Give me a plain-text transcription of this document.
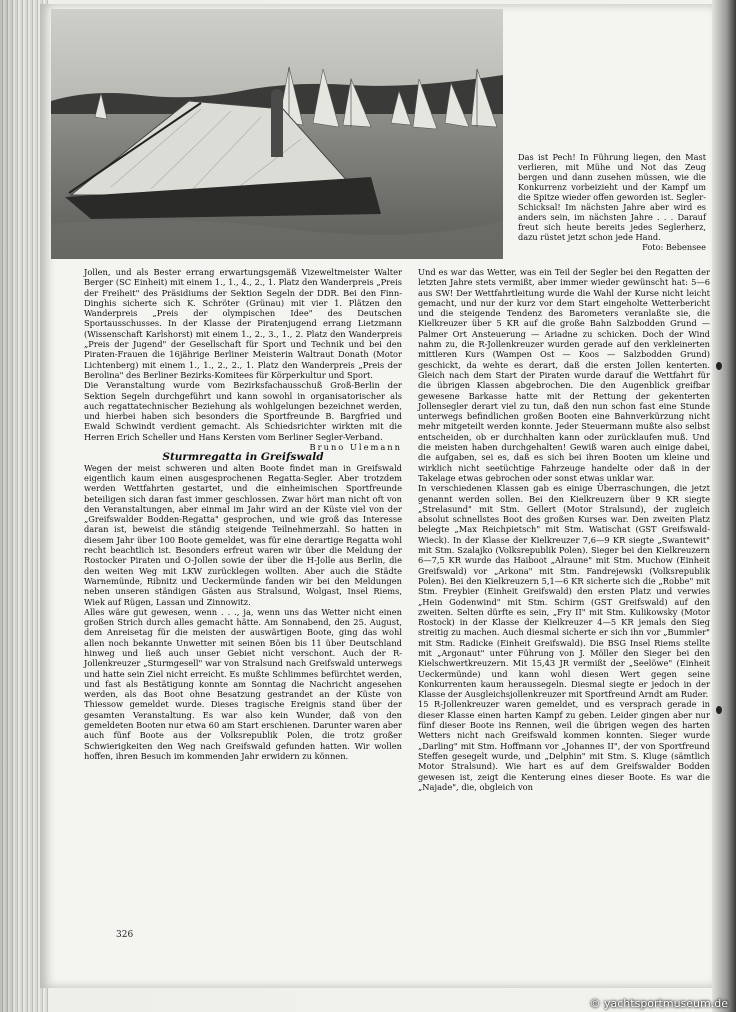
Das ist Pech! In Führung liegen, den Mast verlieren, mit Mühe und Not das Zeug bergen und dann zusehen müssen, wie die Konkurrenz vorbeizieht und der Kampf um die Spitze wieder offen geworden ist. Segler-Schicksal! Im nächsten Jahre aber wird es anders sein, im nächsten Jahre . . . Darauf freut sich heute bereits jedes Seglerherz, dazu rüstet jetzt schon jede Hand.
Foto: Bebensee

Jollen, und als Bester errang erwartungsgemäß Vizeweltmeister Walter Berger (SC Einheit) mit einem 1., 1., 4., 2., 1. Platz den Wanderpreis „Preis der Freiheit" des Präsidiums der Sektion Segeln der DDR. Bei den Finn-Dinghis sicherte sich K. Schröter (Grünau) mit vier 1. Plätzen den Wanderpreis „Preis der olympischen Idee" des Deutschen Sportausschusses. In der Klasse der Piratenjugend errang Lietzmann (Wissenschaft Karlshorst) mit einem 1., 2., 3., 1., 2. Platz den Wanderpreis „Preis der Jugend" der Gesellschaft für Sport und Technik und bei den Piraten-Frauen die 16jährige Berliner Meisterin Waltraut Donath (Motor Lichtenberg) mit einem 1., 1., 2., 2., 1. Platz den Wanderpreis „Preis der Berolina" des Berliner Bezirks-Komitees für Körperkultur und Sport.

Die Veranstaltung wurde vom Bezirksfachausschuß Groß-Berlin der Sektion Segeln durchgeführt und kann sowohl in organisatorischer als auch regattatechnischer Beziehung als wohlgelungen bezeichnet werden, und hierbei haben sich besonders die Sportfreunde B. Bargfried und Ewald Schwindt verdient gemacht. Als Schiedsrichter wirkten mit die Herren Erich Scheller und Hans Kersten vom Berliner Segler-Verband.

Bruno Ulemann

Sturmregatta in Greifswald

Wegen der meist schweren und alten Boote findet man in Greifswald eigentlich kaum einen ausgesprochenen Regatta-Segler. Aber trotzdem werden Wettfahrten gestartet, und die einheimischen Sportfreunde beteiligen sich daran fast immer geschlossen. Zwar hört man nicht oft von den Veranstaltungen, aber einmal im Jahr wird an der Küste viel von der „Greifswalder Bodden-Regatta" gesprochen, und wie groß das Interesse daran ist, beweist die ständig steigende Teilnehmerzahl. So hatten in diesem Jahr über 100 Boote gemeldet, was für eine derartige Regatta wohl recht beachtlich ist. Besonders erfreut waren wir über die Meldung der Rostocker Piraten und O-Jollen sowie der über die H-Jolle aus Berlin, die den weiten Weg mit LKW zurücklegen wollten. Aber auch die Städte Warnemünde, Ribnitz und Ueckermünde fanden wir bei den Meldungen neben unseren ständigen Gästen aus Stralsund, Wolgast, Insel Riems, Wiek auf Rügen, Lassan und Zinnowitz.

Alles wäre gut gewesen, wenn . . ., ja, wenn uns das Wetter nicht einen großen Strich durch alles gemacht hätte. Am Sonnabend, den 25. August, dem Anreisetag für die meisten der auswärtigen Boote, ging das wohl allen noch bekannte Unwetter mit seinen Böen bis 11 über Deutschland hinweg und ließ auch unser Gebiet nicht verschont. Auch der R-Jollenkreuzer „Sturmgesell" war von Stralsund nach Greifswald unterwegs und hatte sein Ziel nicht erreicht. Es mußte Schlimmes befürchtet werden, und fast als Bestätigung konnte am Sonntag die Nachricht angesehen werden, als das Boot ohne Besatzung gestrandet an der Küste von Thiessow gemeldet wurde. Dieses tragische Ereignis stand über der gesamten Veranstaltung. Es war also kein Wunder, daß von den gemeldeten Booten nur etwa 60 am Start erschienen. Darunter waren aber auch fünf Boote aus der Volksrepublik Polen, die trotz großer Schwierigkeiten den Weg nach Greifswald gefunden hatten. Wir wollen hoffen, ihren Besuch im kommenden Jahr erwidern zu können.

Und es war das Wetter, was ein Teil der Segler bei den Regatten der letzten Jahre stets vermißt, aber immer wieder gewünscht hat: 5—6 aus SW! Der Wettfahrtleitung wurde die Wahl der Kurse nicht leicht gemacht, und nur der kurz vor dem Start eingeholte Wetterbericht und die steigende Tendenz des Barometers veranlaßte sie, die Kielkreuzer über 5 KR auf die große Bahn Salzbodden Grund — Palmer Ort Ansteuerung — Ariadne zu schicken. Doch der Wind nahm zu, die R-Jollenkreuzer wurden gerade auf den verkleinerten mittleren Kurs (Wampen Ost — Koos — Salzbodden Grund) geschickt, da wehte es derart, daß die ersten Jollen kenterten. Gleich nach dem Start der Piraten wurde darauf die Wettfahrt für die übrigen Klassen abgebrochen. Die den Augenblick greifbar gewesene Barkasse hatte mit der Rettung der gekenterten Jollensegler derart viel zu tun, daß den nun schon fast eine Stunde unterwegs befindlichen großen Booten eine Bahnverkürzung nicht mehr mitgeteilt werden konnte. Jeder Steuermann mußte also selbst entscheiden, ob er durchhalten kann oder zurücklaufen muß. Und die meisten haben durchgehalten! Gewiß waren auch einige dabei, die aufgaben, sei es, daß es sich bei ihren Booten um kleine und wirklich nicht seetüchtige Fahrzeuge handelte oder daß in der Takelage etwas gebrochen oder sonst etwas unklar war.

In verschiedenen Klassen gab es einige Überraschungen, die jetzt genannt werden sollen. Bei den Kielkreuzern über 9 KR siegte „Strelasund" mit Stm. Gellert (Motor Stralsund), der zugleich absolut schnellstes Boot des großen Kurses war. Den zweiten Platz belegte „Max Reichpietsch" mit Stm. Watischat (GST Greifswald-Wieck). In der Klasse der Kielkreuzer 7,6—9 KR siegte „Swantewit" mit Stm. Szalajko (Volksrepublik Polen). Sieger bei den Kielkreuzern 6—7,5 KR wurde das Haiboot „Alraune" mit Stm. Muchow (Einheit Greifswald) vor „Arkona" mit Stm. Fandrejewski (Volksrepublik Polen). Bei den Kielkreuzern 5,1—6 KR sicherte sich die „Robbe" mit Stm. Freybier (Einheit Greifswald) den ersten Platz und verwies „Hein Godenwind" mit Stm. Schirm (GST Greifswald) auf den zweiten. Selten dürfte es sein, „Fry II" mit Stm. Kulikowsky (Motor Rostock) in der Klasse der Kielkreuzer 4—5 KR jemals den Sieg streitig zu machen. Auch diesmal sicherte er sich ihn vor „Bummler" mit Stm. Radicke (Einheit Greifswald). Die BSG Insel Riems stellte mit „Argonaut" unter Führung von J. Möller den Sieger bei den Kielschwertkreuzern. Mit 15,43 JR vermißt der „Seelöwe" (Einheit Ueckermünde) und kann wohl diesen Wert gegen seine Konkurrenten kaum heraussegeln. Diesmal siegte er jedoch in der Klasse der Ausgleichsjollenkreuzer mit Sportfreund Arndt am Ruder.

15 R-Jollenkreuzer waren gemeldet, und es versprach gerade in dieser Klasse einen harten Kampf zu geben. Leider gingen aber nur fünf dieser Boote ins Rennen, weil die übrigen wegen des harten Wetters nicht nach Greifswald kommen konnten. Sieger wurde „Darling" mit Stm. Hoffmann vor „Johannes II", der von Sportfreund Steffen gesegelt wurde, und „Delphin" mit Stm. S. Kluge (sämtlich Motor Stralsund). Wie hart es auf dem Greifswalder Bodden gewesen ist, zeigt die Kenterung eines dieser Boote. Es war die „Najade", die, obgleich von

326
© yachtsportmuseum.de
